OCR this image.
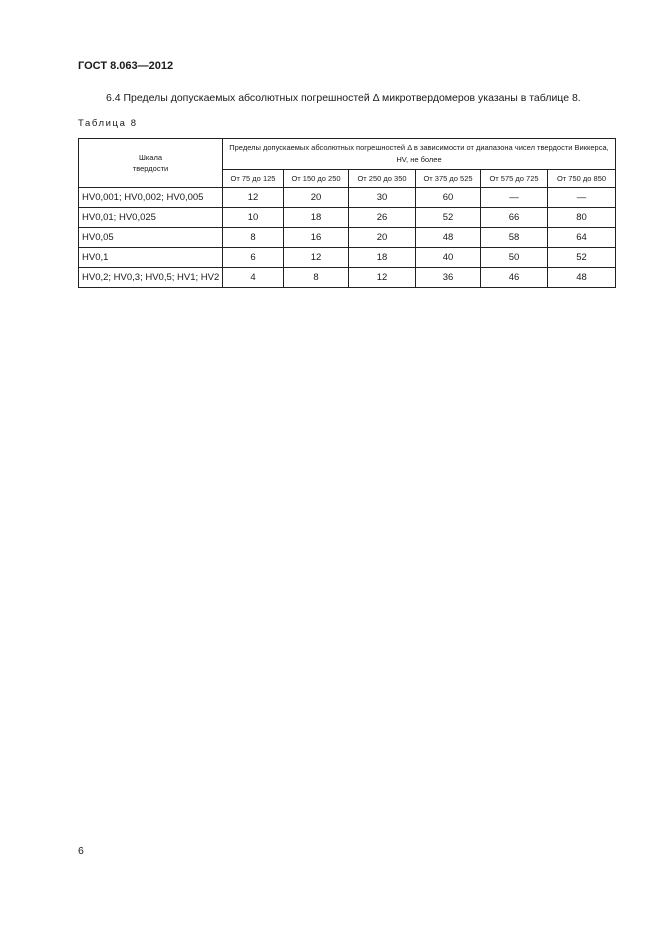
ГОСТ 8.063—2012
6.4 Пределы допускаемых абсолютных погрешностей Δ микротвердомеров указаны в таблице 8.
Таблица 8
Шкала твердости	Пределы допускаемых абсолютных погрешностей Δ в зависимости от диапазона чисел твердости Виккерса, HV, не более					
	От 75 до 125	От 150 до 250	От 250 до 350	От 375 до 525	От 575 до 725	От 750 до 850
HV0,001; HV0,002; HV0,005	12	20	30	60	—	—
HV0,01; HV0,025	10	18	26	52	66	80
HV0,05	8	16	20	48	58	64
HV0,1	6	12	18	40	50	52
HV0,2; HV0,3; HV0,5; HV1; HV2	4	8	12	36	46	48
6
